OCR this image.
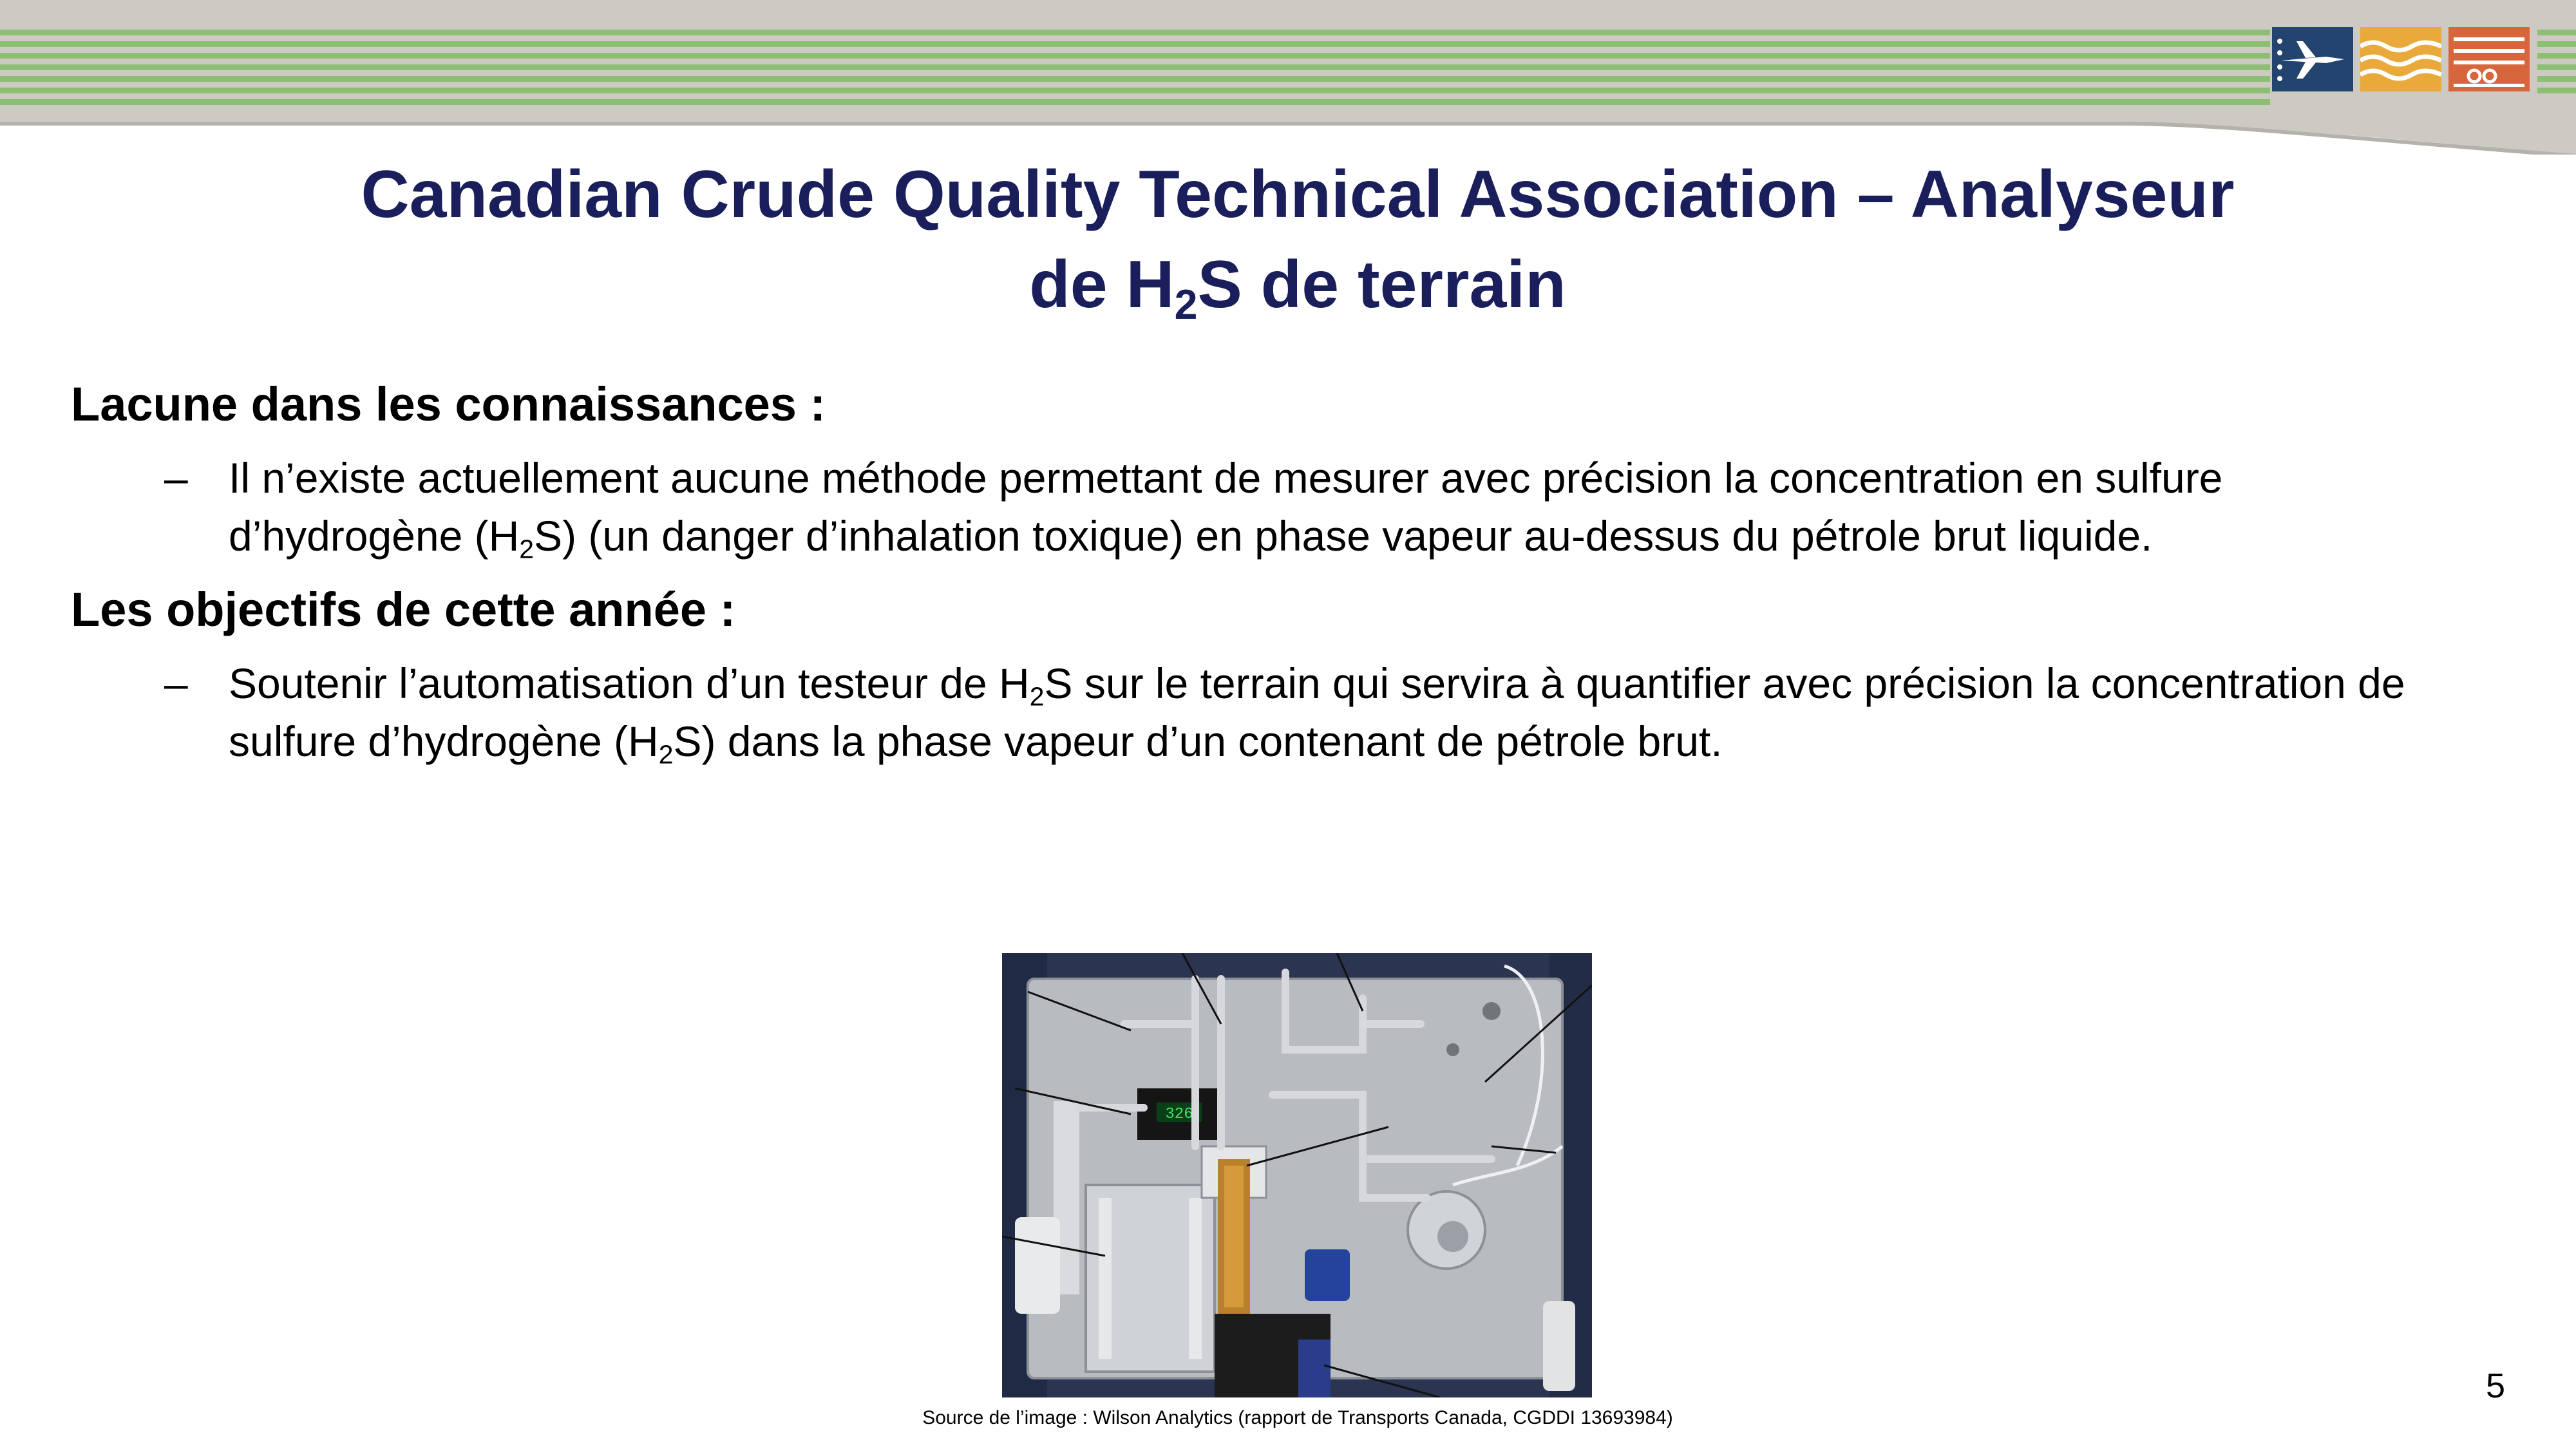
Canadian Crude Quality Technical Association – Analyseur
de $H_2S$ de terrain
Lacune dans les connaissances :
– Il n’existe actuellement aucune méthode permettant de mesurer avec précision la concentration en sulfure
d’hydrogène $(H_2S)$ (un danger d’inhalation toxique) en phase vapeur au-dessus du pétrole brut liquide.
Les objectifs de cette année :
– Soutenir l’automatisation d’un testeur de $H_2S$ sur le terrain qui servira à quantifier avec précision la concentration de
sulfure d’hydrogène $(H_2S)$ dans la phase vapeur d’un contenant de pétrole brut.
326
Source de l’image : Wilson Analytics (rapport de Transports Canada, CGDDI 13693984)
5
